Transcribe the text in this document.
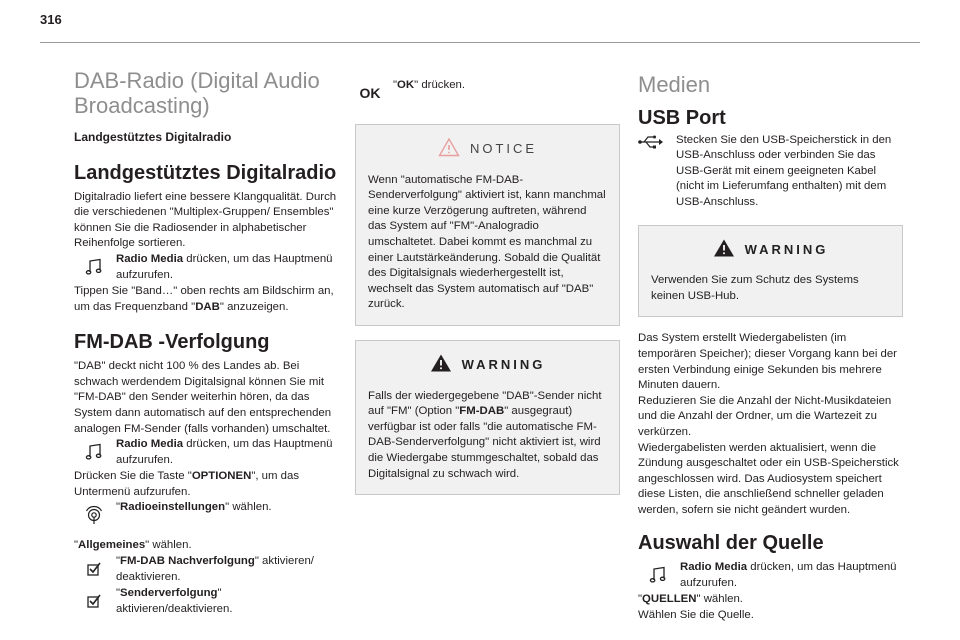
316
DAB-Radio (Digital Audio Broadcasting)
Landgestütztes Digitalradio
Landgestütztes Digitalradio

Digitalradio liefert eine bessere Klangqualität. Durch die verschiedenen "Multiplex-Gruppen/ Ensembles" können Sie die Radiosender in alphabetischer Reihenfolge sortieren.

Radio Media drücken, um das Hauptmenü aufzurufen.

Tippen Sie "Band…" oben rechts am Bildschirm an, um das Frequenzband "DAB" anzuzeigen.

FM-DAB -Verfolgung

"DAB" deckt nicht 100 % des Landes ab. Bei schwach werdendem Digitalsignal können Sie mit "FM-DAB" den Sender weiterhin hören, da das System dann automatisch auf den entsprechenden analogen FM-Sender (falls vorhanden) umschaltet.

Radio Media drücken, um das Hauptmenü aufzurufen.

Drücken Sie die Taste "OPTIONEN", um das Untermenü aufzurufen.

"Radioeinstellungen" wählen.

"Allgemeines" wählen.

"FM-DAB Nachverfolgung" aktivieren/ deaktivieren.
"Senderverfolgung" aktivieren/deaktivieren.
OK
"OK" drücken.
NOTICE

Wenn "automatische FM-DAB-Senderverfolgung" aktiviert ist, kann manchmal eine kurze Verzögerung auftreten, während das System auf "FM"-Analogradio umschaltetet. Dabei kommt es manchmal zu einer Lautstärkeänderung. Sobald die Qualität des Digitalsignals wiederhergestellt ist, wechselt das System automatisch auf "DAB" zurück.

WARNING

Falls der wiedergegebene "DAB"-Sender nicht auf "FM" (Option "FM-DAB" ausgegraut) verfügbar ist oder falls "die automatische FM-DAB-Senderverfolgung" nicht aktiviert ist, wird die Wiedergabe stummgeschaltet, sobald das Digitalsignal zu schwach wird.

Medien
USB Port

Stecken Sie den USB-Speicherstick in den USB-Anschluss oder verbinden Sie das USB-Gerät mit einem geeigneten Kabel (nicht im Lieferumfang enthalten) mit dem USB-Anschluss.

WARNING

Verwenden Sie zum Schutz des Systems keinen USB-Hub.

Das System erstellt Wiedergabelisten (im temporären Speicher); dieser Vorgang kann bei der ersten Verbindung einige Sekunden bis mehrere Minuten dauern.

Reduzieren Sie die Anzahl der Nicht-Musikdateien und die Anzahl der Ordner, um die Wartezeit zu verkürzen.

Wiedergabelisten werden aktualisiert, wenn die Zündung ausgeschaltet oder ein USB-Speicherstick angeschlossen wird. Das Audiosystem speichert diese Listen, die anschließend schneller geladen werden, sofern sie nicht geändert wurden.

Auswahl der Quelle
Radio Media drücken, um das Hauptmenü aufzurufen.

"QUELLEN" wählen.

Wählen Sie die Quelle.
